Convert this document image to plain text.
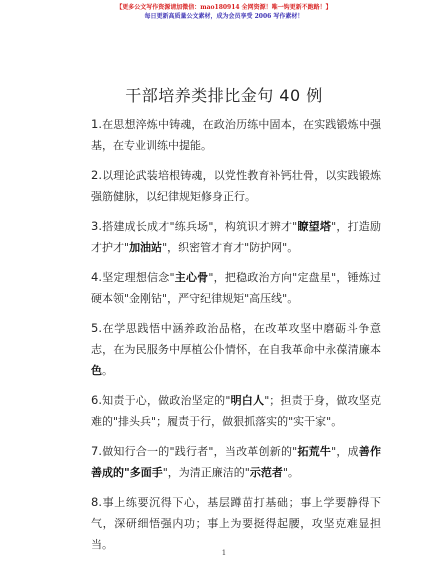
【更多公文写作资源请加微信：mao180914 全网资源！唯一钩更新不跑路！】
每日更新高质量公文素材，成为会员享受 2006 写作素材！
干部培养类排比金句 40 例

1.在思想淬炼中铸魂，在政治历练中固本，在实践锻炼中强基，在专业训练中提能。

2.以理论武装培根铸魂，以党性教育补钙壮骨，以实践锻炼强筋健脉，以纪律规矩修身正行。

3.搭建成长成才"练兵场"，构筑识才辨才"瞭望塔"，打造励才护才"加油站"，织密管才育才"防护网"。

4.坚定理想信念"主心骨"，把稳政治方向"定盘星"，锤炼过硬本领"金刚钻"，严守纪律规矩"高压线"。

5.在学思践悟中涵养政治品格，在改革攻坚中磨砺斗争意志，在为民服务中厚植公仆情怀，在自我革命中永葆清廉本色。

6.知责于心，做政治坚定的"明白人"；担责于身，做攻坚克难的"排头兵"；履责于行，做狠抓落实的"实干家"。

7.做知行合一的"践行者"，当改革创新的"拓荒牛"，成善作善成的"多面手"，为清正廉洁的"示范者"。

8.事上练要沉得下心，基层蹲苗打基础；事上学要静得下气，深研细悟强内功；事上为要挺得起腰，攻坚克难显担当。

1
